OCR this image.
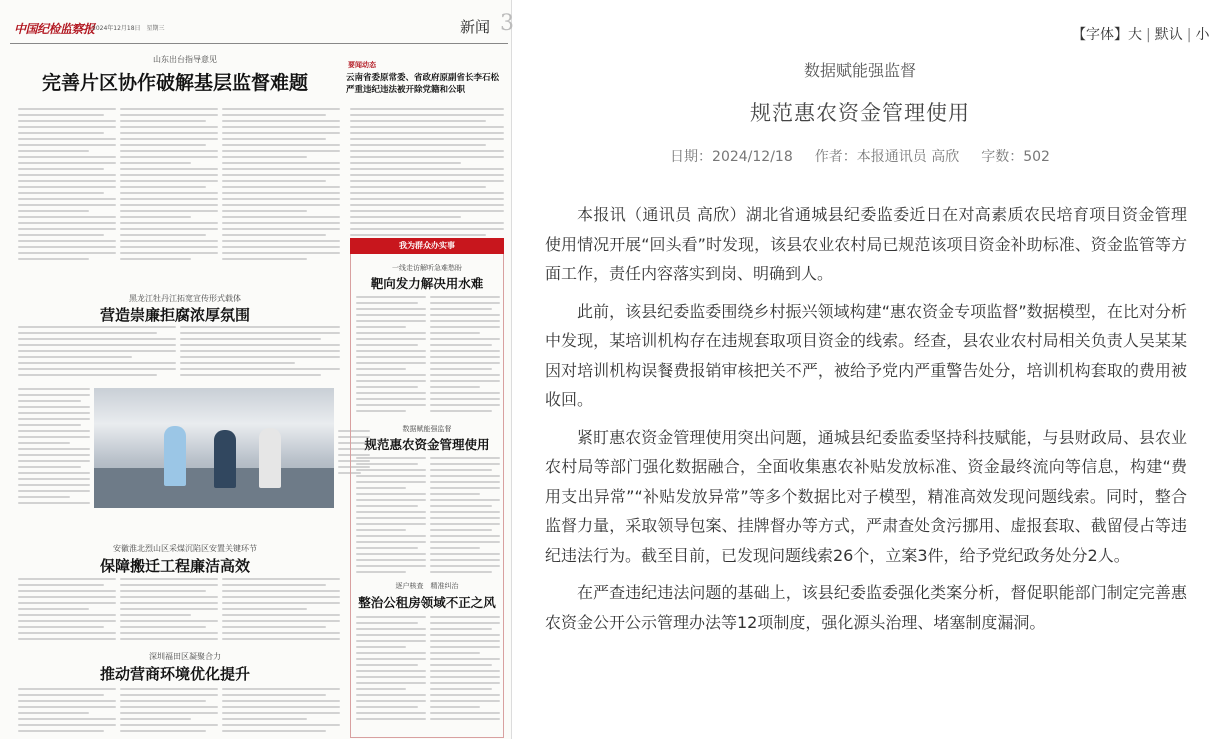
中国纪检监察报
2024年12月18日　星期三	新闻 3
山东出台指导意见
完善片区协作破解基层监督难题
要闻动态
云南省委原常委、省政府原副省长李石松严重违纪违法被开除党籍和公职
黑龙江牡丹江拓宽宣传形式载体
营造崇廉拒腐浓厚氛围
安徽淮北烈山区采煤沉陷区安置关键环节
保障搬迁工程廉洁高效
深圳福田区凝聚合力
推动营商环境优化提升
我为群众办实事
一线走访解听急难愁盼
靶向发力解决用水难
数据赋能强监督
规范惠农资金管理使用
逐户核查　精准纠治
整治公租房领域不正之风
【字体】大 | 默认 | 小
数据赋能强监督
规范惠农资金管理使用
日期：2024/12/18 作者：本报通讯员 高欣 字数：502

本报讯（通讯员 高欣）湖北省通城县纪委监委近日在对高素质农民培育项目资金管理使用情况开展“回头看”时发现，该县农业农村局已规范该项目资金补助标准、资金监管等方面工作，责任内容落实到岗、明确到人。

此前，该县纪委监委围绕乡村振兴领域构建“惠农资金专项监督”数据模型，在比对分析中发现，某培训机构存在违规套取项目资金的线索。经查，县农业农村局相关负责人吴某某因对培训机构误餐费报销审核把关不严，被给予党内严重警告处分，培训机构套取的费用被收回。

紧盯惠农资金管理使用突出问题，通城县纪委监委坚持科技赋能，与县财政局、县农业农村局等部门强化数据融合，全面收集惠农补贴发放标准、资金最终流向等信息，构建“费用支出异常”“补贴发放异常”等多个数据比对子模型，精准高效发现问题线索。同时，整合监督力量，采取领导包案、挂牌督办等方式，严肃查处贪污挪用、虚报套取、截留侵占等违纪违法行为。截至目前，已发现问题线索26个，立案3件，给予党纪政务处分2人。

在严查违纪违法问题的基础上，该县纪委监委强化类案分析，督促职能部门制定完善惠农资金公开公示管理办法等12项制度，强化源头治理、堵塞制度漏洞。
